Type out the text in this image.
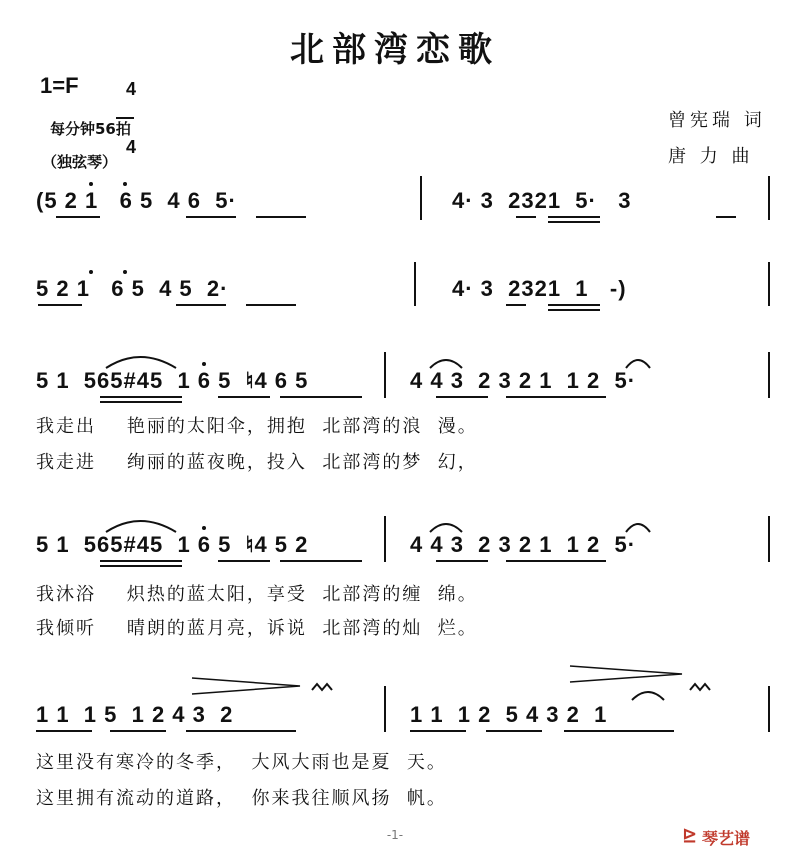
北部湾恋歌
1=F	4

4

每分钟56拍
（独弦琴）
曾宪瑞 词
唐 力 曲
(5 2 1   6 5  4 6  5·	4· 3  2321  5·   3
5 2 1   6 5  4 5  2·	4· 3  2321  1   -)
5 1  565#45  1 6 5  ♮4 6 5	4 4 3  2 3 2 1  1 2  5·
我走出    艳丽的太阳伞，拥抱  北部湾的浪  漫。
我走进    绚丽的蓝夜晚，投入  北部湾的梦  幻，
5 1  565#45  1 6 5  ♮4 5 2	4 4 3  2 3 2 1  1 2  5·
我沐浴    炽热的蓝太阳，享受  北部湾的缠  绵。
我倾听    晴朗的蓝月亮，诉说  北部湾的灿  烂。
1 1  1 5  1 2 4 3  2	1 1  1 2  5 4 3 2  1
这里没有寒冷的冬季，  大风大雨也是夏  天。
这里拥有流动的道路，  你来我往顺风扬  帆。
-1-	⊵ 琴艺谱
